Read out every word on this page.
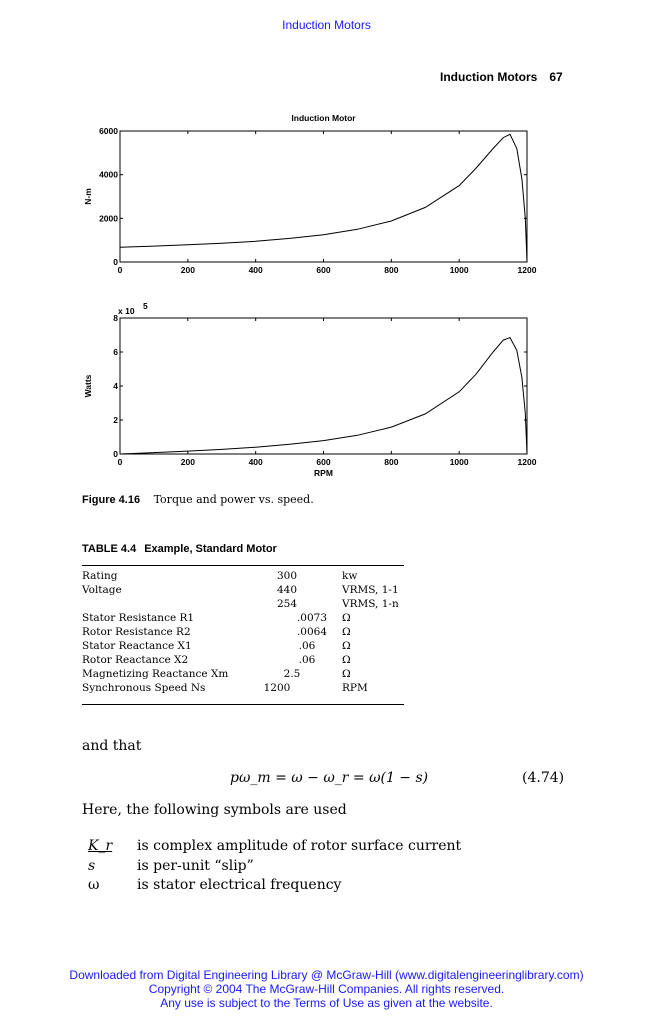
Induction Motors
Induction Motors 67
0	200	400	600	800	1000	1200
0
2000
4000
6000
Induction Motor
N-m
0	200	400	600	800	1000	1200
0
2
4
6
8
Watts
RPM
x 10 5
Figure 4.16 Torque and power vs. speed.
TABLE 4.4 Example, Standard Motor
Rating	300	kw
Voltage	440	VRMS, 1-1
254	VRMS, 1-n
Stator Resistance R1	.0073	Ω
Rotor Resistance R2	.0064	Ω
Stator Reactance X1	.06	Ω
Rotor Reactance X2	.06	Ω
Magnetizing Reactance Xm	2.5	Ω
Synchronous Speed Ns	1200	RPM
and that
pω_m = ω − ω_r = ω(1 − s)	(4.74)
Here, the following symbols are used
K_r is complex amplitude of rotor surface current
s	is per-unit “slip”
ω	is stator electrical frequency
Downloaded from Digital Engineering Library @ McGraw-Hill (www.digitalengineeringlibrary.com)
Copyright © 2004 The McGraw-Hill Companies. All rights reserved.
Any use is subject to the Terms of Use as given at the website.
